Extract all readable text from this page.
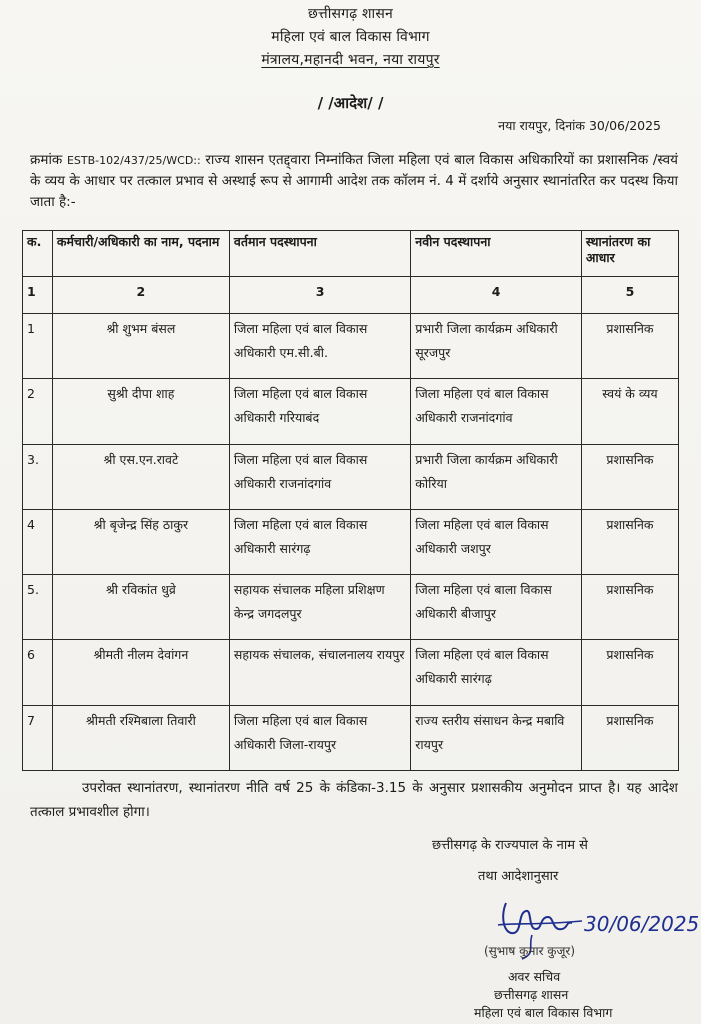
छत्तीसगढ़ शासन
महिला एवं बाल विकास विभाग
मंत्रालय,महानदी भवन, नया रायपुर
/ /आदेश/ /
नया रायपुर, दिनांक 30/06/2025
क्रमांक ESTB-102/437/25/WCD:: राज्य शासन एतद्द्वारा निम्नांकित जिला महिला एवं बाल विकास अधिकारियों का प्रशासनिक /स्वयं के व्यय के आधार पर तत्काल प्रभाव से अस्थाई रूप से आगामी आदेश तक कॉलम नं. 4 में दर्शाये अनुसार स्थानांतरित कर पदस्थ किया जाता है:-
क.	कर्मचारी/अधिकारी का नाम, पदनाम	वर्तमान पदस्थापना	नवीन पदस्थापना	स्थानांतरण का आधार
1	2	3	4	5
1	श्री शुभम बंसल	जिला महिला एवं बाल विकास अधिकारी एम.सी.बी.	प्रभारी जिला कार्यक्रम अधिकारी सूरजपुर	प्रशासनिक
2	सुश्री दीपा शाह	जिला महिला एवं बाल विकास अधिकारी गरियाबंद	जिला महिला एवं बाल विकास अधिकारी राजनांदगांव	स्वयं के व्यय
3.	श्री एस.एन.रावटे	जिला महिला एवं बाल विकास अधिकारी राजनांदगांव	प्रभारी जिला कार्यक्रम अधिकारी कोरिया	प्रशासनिक
4	श्री बृजेन्द्र सिंह ठाकुर	जिला महिला एवं बाल विकास अधिकारी सारंगढ़	जिला महिला एवं बाल विकास अधिकारी जशपुर	प्रशासनिक
5.	श्री रविकांत धुव्रे	सहायक संचालक महिला प्रशिक्षण केन्द्र जगदलपुर	जिला महिला एवं बाला विकास अधिकारी बीजापुर	प्रशासनिक
6	श्रीमती नीलम देवांगन	सहायक संचालक, संचालनालय रायपुर	जिला महिला एवं बाल विकास अधिकारी सारंगढ़	प्रशासनिक
7	श्रीमती रश्मिबाला तिवारी	जिला महिला एवं बाल विकास अधिकारी जिला-रायपुर	राज्य स्तरीय संसाधन केन्द्र मबावि रायपुर	प्रशासनिक
उपरोक्त स्थानांतरण, स्थानांतरण नीति वर्ष 25 के कंडिका-3.15 के अनुसार प्रशासकीय अनुमोदन प्राप्त है। यह आदेश तत्काल प्रभावशील होगा।
छत्तीसगढ़ के राज्यपाल के नाम से
तथा आदेशानुसार
30/06/2025
(सुभाष कुमार कुजूर)
अवर सचिव
छत्तीसगढ़ शासन
महिला एवं बाल विकास विभाग
